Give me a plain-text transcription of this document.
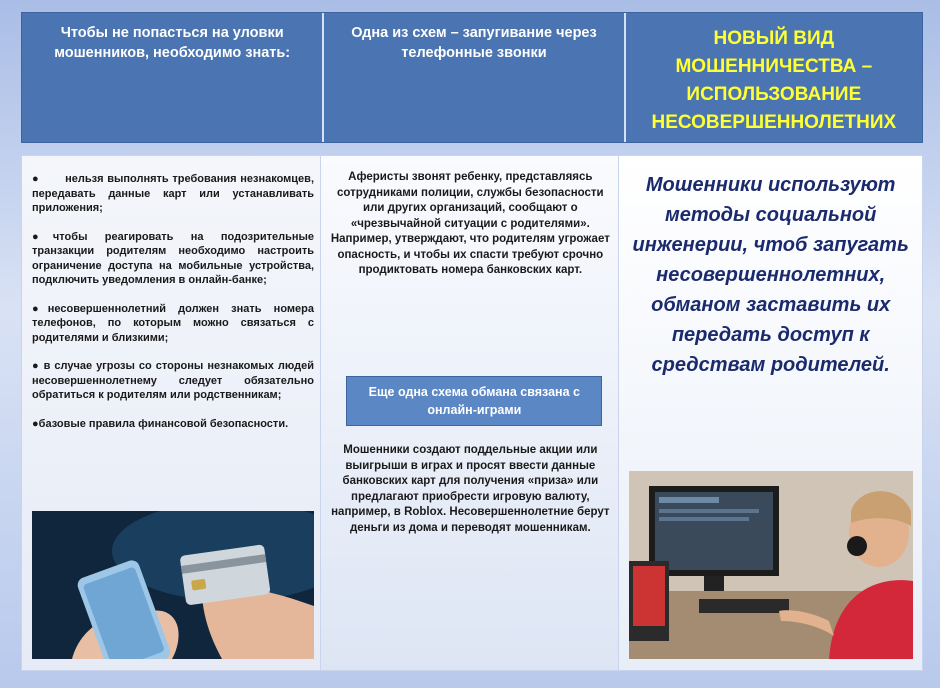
Чтобы не попасться на уловки мошенников, необходимо знать:
Одна из схем – запугивание через телефонные звонки
НОВЫЙ ВИД МОШЕННИЧЕСТВА – ИСПОЛЬЗОВАНИЕ НЕСОВЕРШЕННОЛЕТНИХ

●       нельзя выполнять требования незнакомцев, передавать данные карт или устанавливать приложения;

●чтобы реагировать на подозрительные транзакции родителям необходимо настроить ограничение доступа на мобильные устройства, подключить уведомления в онлайн-банке;

●несовершеннолетний должен знать номера телефонов, по которым можно связаться с родителями и близкими;

● в случае угрозы со стороны незнакомых людей несовершеннолетнему следует обязательно обратиться к родителям или родственникам;

●базовые правила финансовой безопасности.

Аферисты звонят ребенку, представляясь сотрудниками полиции, службы безопасности или других организаций, сообщают о «чрезвычайной ситуации с родителями». Например, утверждают, что родителям угрожает опасность, и чтобы их спасти требуют срочно продиктовать номера банковских карт.
Еще одна схема обмана связана с онлайн-играми
Мошенники создают поддельные акции или выигрыши в играх и просят ввести данные банковских карт для получения «приза» или предлагают приобрести игровую валюту, например, в Roblox. Несовершеннолетние берут деньги из дома и переводят мошенникам.
Мошенники используют методы социальной инженерии, чтоб запугать несовершеннолетних, обманом заставить их передать доступ к средствам родителей.
